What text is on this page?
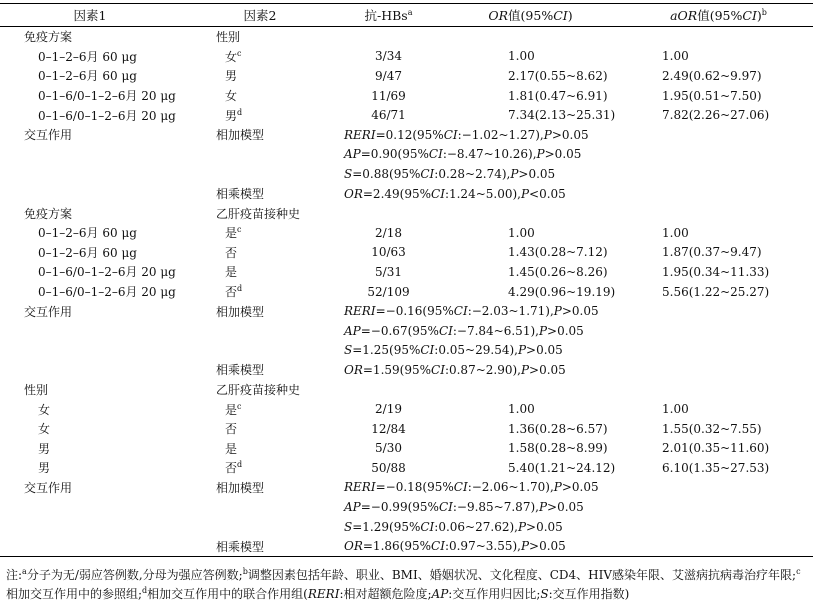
因素1	因素2	抗-HBs$^a$	OR值(95%CI)	aOR值$(95\%CI)^b$
免疫方案	性别			
0–1–2–6月 60 μg	女$^c$	3/34	1.00	1.00
0–1–2–6月 60 μg	男	9/47	2.17(0.55~8.62)	2.49(0.62~9.97)
0–1–6/0–1–2–6月 20 μg	女	11/69	1.81(0.47~6.91)	1.95(0.51~7.50)
0–1–6/0–1–2–6月 20 μg	男$^d$	46/71	7.34(2.13~25.31)	7.82(2.26~27.06)
交互作用	相加模型	RERI=0.12(95%CI:−1.02~1.27),P>0.05		
		AP=0.90(95%CI:−8.47~10.26),P>0.05		
		S=0.88(95%CI:0.28~2.74),P>0.05		
	相乘模型	OR=2.49(95%CI:1.24~5.00),P<0.05		
免疫方案	乙肝疫苗接种史			
0–1–2–6月 60 μg	是$^c$	2/18	1.00	1.00
0–1–2–6月 60 μg	否	10/63	1.43(0.28~7.12)	1.87(0.37~9.47)
0–1–6/0–1–2–6月 20 μg	是	5/31	1.45(0.26~8.26)	1.95(0.34~11.33)
0–1–6/0–1–2–6月 20 μg	否$^d$	52/109	4.29(0.96~19.19)	5.56(1.22~25.27)
交互作用	相加模型	RERI=−0.16(95%CI:−2.03~1.71),P>0.05		
		AP=−0.67(95%CI:−7.84~6.51),P>0.05		
		S=1.25(95%CI:0.05~29.54),P>0.05		
	相乘模型	OR=1.59(95%CI:0.87~2.90),P>0.05		
性别	乙肝疫苗接种史			
女	是$^c$	2/19	1.00	1.00
女	否	12/84	1.36(0.28~6.57)	1.55(0.32~7.55)
男	是	5/30	1.58(0.28~8.99)	2.01(0.35~11.60)
男	否$^d$	50/88	5.40(1.21~24.12)	6.10(1.35~27.53)
交互作用	相加模型	RERI=−0.18(95%CI:−2.06~1.70),P>0.05		
		AP=−0.99(95%CI:−9.85~7.87),P>0.05		
		S=1.29(95%CI:0.06~27.62),P>0.05		
	相乘模型	OR=1.86(95%CI:0.97~3.55),P>0.05		
注:$^a$分子为无/弱应答例数,分母为强应答例数;$^b$调整因素包括年龄、职业、BMI、婚姻状况、文化程度、CD4、HIV感染年限、艾滋病抗病毒治疗年限;$^c$相加交互作用中的参照组;$^d$相加交互作用中的联合作用组(RERI:相对超额危险度;AP:交互作用归因比;S:交互作用指数)
